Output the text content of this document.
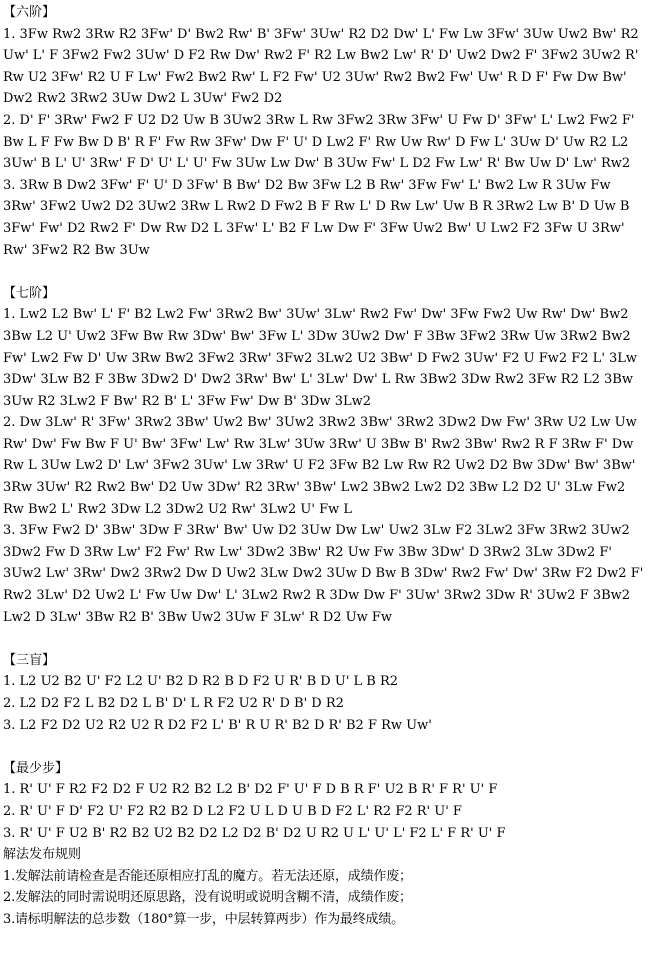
【六阶】
1. 3Fw Rw2 3Rw R2 3Fw' D' Bw2 Rw' B' 3Fw' 3Uw' R2 D2 Dw' L' Fw Lw 3Fw' 3Uw Uw2 Bw' R2 Uw' L' F 3Fw2 Fw2 3Uw' D F2 Rw Dw' Rw2 F' R2 Lw Bw2 Lw' R' D' Uw2 Dw2 F' 3Fw2 3Uw2 R' Rw U2 3Fw' R2 U F Lw' Fw2 Bw2 Rw' L F2 Fw' U2 3Uw' Rw2 Bw2 Fw' Uw' R D F' Fw Dw Bw' Dw2 Rw2 3Rw2 3Uw Dw2 L 3Uw' Fw2 D2
2. D' F' 3Rw' Fw2 F U2 D2 Uw B 3Uw2 3Rw L Rw 3Fw2 3Rw 3Fw' U Fw D' 3Fw' L' Lw2 Fw2 F' Bw L F Fw Bw D B' R F' Fw Rw 3Fw' Dw F' U' D Lw2 F' Rw Uw Rw' D Fw L' 3Uw D' Uw R2 L2 3Uw' B L' U' 3Rw' F D' U' L' U' Fw 3Uw Lw Dw' B 3Uw Fw' L D2 Fw Lw' R' Bw Uw D' Lw' Rw2
3. 3Rw B Dw2 3Fw' F' U' D 3Fw' B Bw' D2 Bw 3Fw L2 B Rw' 3Fw Fw' L' Bw2 Lw R 3Uw Fw 3Rw' 3Fw2 Uw2 D2 3Uw2 3Rw L Rw2 D Fw2 B F Rw L' D Rw Lw' Uw B R 3Rw2 Lw B' D Uw B 3Fw' Fw' D2 Rw2 F' Dw Rw D2 L 3Fw' L' B2 F Lw Dw F' 3Fw Uw2 Bw' U Lw2 F2 3Fw U 3Rw' Rw' 3Fw2 R2 Bw 3Uw
【七阶】
1. Lw2 L2 Bw' L' F' B2 Lw2 Fw' 3Rw2 Bw' 3Uw' 3Lw' Rw2 Fw' Dw' 3Fw Fw2 Uw Rw' Dw' Bw2 3Bw L2 U' Uw2 3Fw Bw Rw 3Dw' Bw' 3Fw L' 3Dw 3Uw2 Dw' F 3Bw 3Fw2 3Rw Uw 3Rw2 Bw2 Fw' Lw2 Fw D' Uw 3Rw Bw2 3Fw2 3Rw' 3Fw2 3Lw2 U2 3Bw' D Fw2 3Uw' F2 U Fw2 F2 L' 3Lw 3Dw' 3Lw B2 F 3Bw 3Dw2 D' Dw2 3Rw' Bw' L' 3Lw' Dw' L Rw 3Bw2 3Dw Rw2 3Fw R2 L2 3Bw 3Uw R2 3Lw2 F Bw' R2 B' L' 3Fw Fw' Dw B' 3Dw 3Lw2
2. Dw 3Lw' R' 3Fw' 3Rw2 3Bw' Uw2 Bw' 3Uw2 3Rw2 3Bw' 3Rw2 3Dw2 Dw Fw' 3Rw U2 Lw Uw Rw' Dw' Fw Bw F U' Bw' 3Fw' Lw' Rw 3Lw' 3Uw 3Rw' U 3Bw B' Rw2 3Bw' Rw2 R F 3Rw F' Dw Rw L 3Uw Lw2 D' Lw' 3Fw2 3Uw' Lw 3Rw' U F2 3Fw B2 Lw Rw R2 Uw2 D2 Bw 3Dw' Bw' 3Bw' 3Rw 3Uw' R2 Rw2 Bw' D2 Uw 3Dw' R2 3Rw' 3Bw' Lw2 3Bw2 Lw2 D2 3Bw L2 D2 U' 3Lw Fw2 Rw Bw2 L' Rw2 3Dw L2 3Dw2 U2 Rw' 3Lw2 U' Fw L
3. 3Fw Fw2 D' 3Bw' 3Dw F 3Rw' Bw' Uw D2 3Uw Dw Lw' Uw2 3Lw F2 3Lw2 3Fw 3Rw2 3Uw2 3Dw2 Fw D 3Rw Lw' F2 Fw' Rw Lw' 3Dw2 3Bw' R2 Uw Fw 3Bw 3Dw' D 3Rw2 3Lw 3Dw2 F' 3Uw2 Lw' 3Rw' Dw2 3Rw2 Dw D Uw2 3Lw Dw2 3Uw D Bw B 3Dw' Rw2 Fw' Dw' 3Rw F2 Dw2 F' Rw2 3Lw' D2 Uw2 L' Fw Uw Dw' L' 3Lw2 Rw2 R 3Dw Dw F' 3Uw' 3Rw2 3Dw R' 3Uw2 F 3Bw2 Lw2 D 3Lw' 3Bw R2 B' 3Bw Uw2 3Uw F 3Lw' R D2 Uw Fw
【三盲】
1. L2 U2 B2 U' F2 L2 U' B2 D R2 B D F2 U R' B D U' L B R2
2. L2 D2 F2 L B2 D2 L B' D' L R F2 U2 R' D B' D R2
3. L2 F2 D2 U2 R2 U2 R D2 F2 L' B' R U R' B2 D R' B2 F Rw Uw'
【最少步】
1. R' U' F R2 F2 D2 F U2 R2 B2 L2 B' D2 F' U' F D B R F' U2 B R' F R' U' F
2. R' U' F D' F2 U' F2 R2 B2 D L2 F2 U L D U B D F2 L' R2 F2 R' U' F
3. R' U' F U2 B' R2 B2 U2 B2 D2 L2 D2 B' D2 U R2 U L' U' L' F2 L' F R' U' F
解法发布规则
1.发解法前请检查是否能还原相应打乱的魔方。若无法还原，成绩作废；
2.发解法的同时需说明还原思路，没有说明或说明含糊不清，成绩作废；
3.请标明解法的总步数（180°算一步，中层转算两步）作为最终成绩。
